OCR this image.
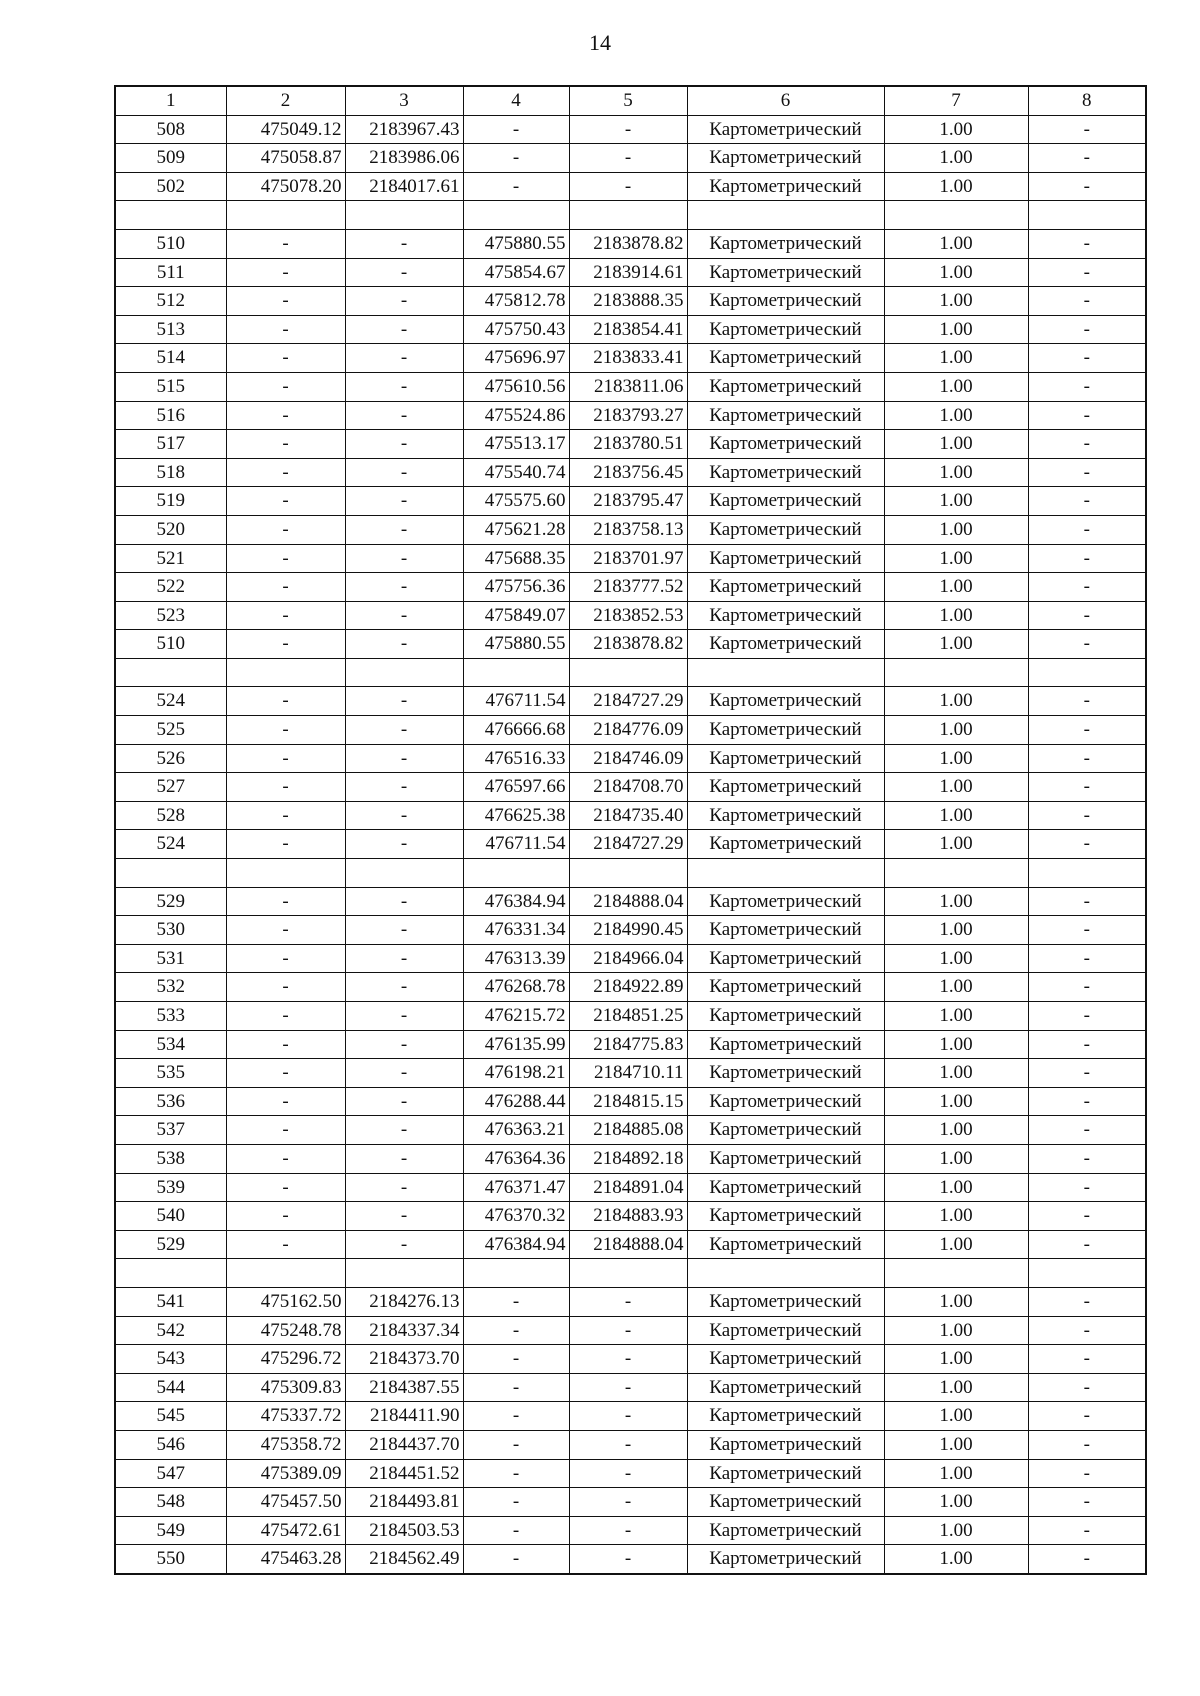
14
1	2	3	4	5	6	7	8
508	475049.12	2183967.43	-	-	Картометрический	1.00	-
509	475058.87	2183986.06	-	-	Картометрический	1.00	-
502	475078.20	2184017.61	-	-	Картометрический	1.00	-

510	-	-	475880.55	2183878.82	Картометрический	1.00	-
511	-	-	475854.67	2183914.61	Картометрический	1.00	-
512	-	-	475812.78	2183888.35	Картометрический	1.00	-
513	-	-	475750.43	2183854.41	Картометрический	1.00	-
514	-	-	475696.97	2183833.41	Картометрический	1.00	-
515	-	-	475610.56	2183811.06	Картометрический	1.00	-
516	-	-	475524.86	2183793.27	Картометрический	1.00	-
517	-	-	475513.17	2183780.51	Картометрический	1.00	-
518	-	-	475540.74	2183756.45	Картометрический	1.00	-
519	-	-	475575.60	2183795.47	Картометрический	1.00	-
520	-	-	475621.28	2183758.13	Картометрический	1.00	-
521	-	-	475688.35	2183701.97	Картометрический	1.00	-
522	-	-	475756.36	2183777.52	Картометрический	1.00	-
523	-	-	475849.07	2183852.53	Картометрический	1.00	-
510	-	-	475880.55	2183878.82	Картометрический	1.00	-

524	-	-	476711.54	2184727.29	Картометрический	1.00	-
525	-	-	476666.68	2184776.09	Картометрический	1.00	-
526	-	-	476516.33	2184746.09	Картометрический	1.00	-
527	-	-	476597.66	2184708.70	Картометрический	1.00	-
528	-	-	476625.38	2184735.40	Картометрический	1.00	-
524	-	-	476711.54	2184727.29	Картометрический	1.00	-

529	-	-	476384.94	2184888.04	Картометрический	1.00	-
530	-	-	476331.34	2184990.45	Картометрический	1.00	-
531	-	-	476313.39	2184966.04	Картометрический	1.00	-
532	-	-	476268.78	2184922.89	Картометрический	1.00	-
533	-	-	476215.72	2184851.25	Картометрический	1.00	-
534	-	-	476135.99	2184775.83	Картометрический	1.00	-
535	-	-	476198.21	2184710.11	Картометрический	1.00	-
536	-	-	476288.44	2184815.15	Картометрический	1.00	-
537	-	-	476363.21	2184885.08	Картометрический	1.00	-
538	-	-	476364.36	2184892.18	Картометрический	1.00	-
539	-	-	476371.47	2184891.04	Картометрический	1.00	-
540	-	-	476370.32	2184883.93	Картометрический	1.00	-
529	-	-	476384.94	2184888.04	Картометрический	1.00	-

541	475162.50	2184276.13	-	-	Картометрический	1.00	-
542	475248.78	2184337.34	-	-	Картометрический	1.00	-
543	475296.72	2184373.70	-	-	Картометрический	1.00	-
544	475309.83	2184387.55	-	-	Картометрический	1.00	-
545	475337.72	2184411.90	-	-	Картометрический	1.00	-
546	475358.72	2184437.70	-	-	Картометрический	1.00	-
547	475389.09	2184451.52	-	-	Картометрический	1.00	-
548	475457.50	2184493.81	-	-	Картометрический	1.00	-
549	475472.61	2184503.53	-	-	Картометрический	1.00	-
550	475463.28	2184562.49	-	-	Картометрический	1.00	-
